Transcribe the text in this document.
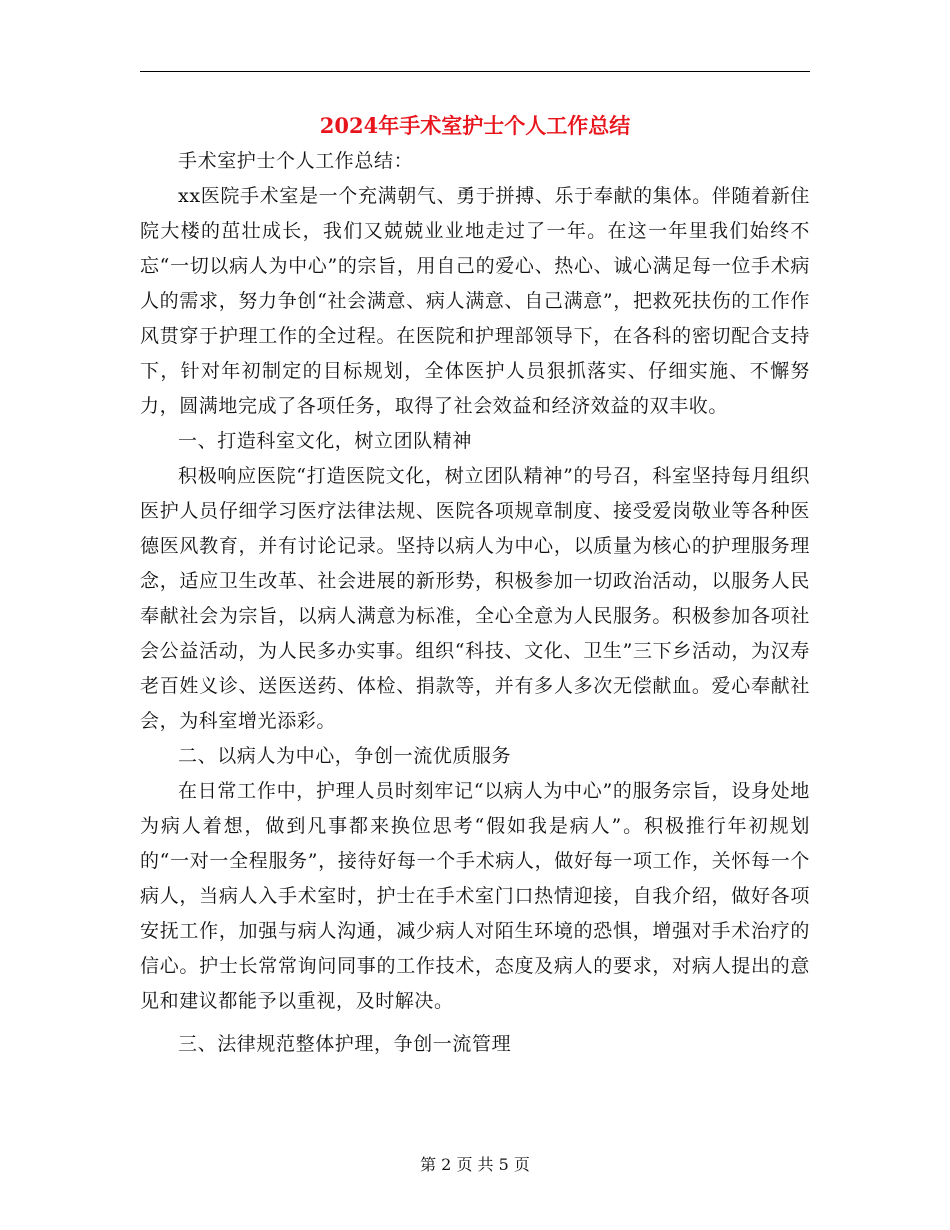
2024年手术室护士个人工作总结

手术室护士个人工作总结：

xx医院手术室是一个充满朝气、勇于拼搏、乐于奉献的集体。伴随着新住院大楼的茁壮成长，我们又兢兢业业地走过了一年。在这一年里我们始终不忘“一切以病人为中心”的宗旨，用自己的爱心、热心、诚心满足每一位手术病人的需求，努力争创“社会满意、病人满意、自己满意”，把救死扶伤的工作作风贯穿于护理工作的全过程。在医院和护理部领导下，在各科的密切配合支持下，针对年初制定的目标规划，全体医护人员狠抓落实、仔细实施、不懈努力，圆满地完成了各项任务，取得了社会效益和经济效益的双丰收。

一、打造科室文化，树立团队精神

积极响应医院“打造医院文化，树立团队精神”的号召，科室坚持每月组织医护人员仔细学习医疗法律法规、医院各项规章制度、接受爱岗敬业等各种医德医风教育，并有讨论记录。坚持以病人为中心，以质量为核心的护理服务理念，适应卫生改革、社会进展的新形势，积极参加一切政治活动，以服务人民奉献社会为宗旨，以病人满意为标准，全心全意为人民服务。积极参加各项社会公益活动，为人民多办实事。组织“科技、文化、卫生”三下乡活动，为汉寿老百姓义诊、送医送药、体检、捐款等，并有多人多次无偿献血。爱心奉献社会，为科室增光添彩。

二、以病人为中心，争创一流优质服务

在日常工作中，护理人员时刻牢记“以病人为中心”的服务宗旨，设身处地为病人着想，做到凡事都来换位思考“假如我是病人”。积极推行年初规划的“一对一全程服务”，接待好每一个手术病人，做好每一项工作，关怀每一个病人，当病人入手术室时，护士在手术室门口热情迎接，自我介绍，做好各项安抚工作，加强与病人沟通，减少病人对陌生环境的恐惧，增强对手术治疗的信心。护士长常常询问同事的工作技术，态度及病人的要求，对病人提出的意见和建议都能予以重视，及时解决。

三、法律规范整体护理，争创一流管理

第 2 页 共 5 页
